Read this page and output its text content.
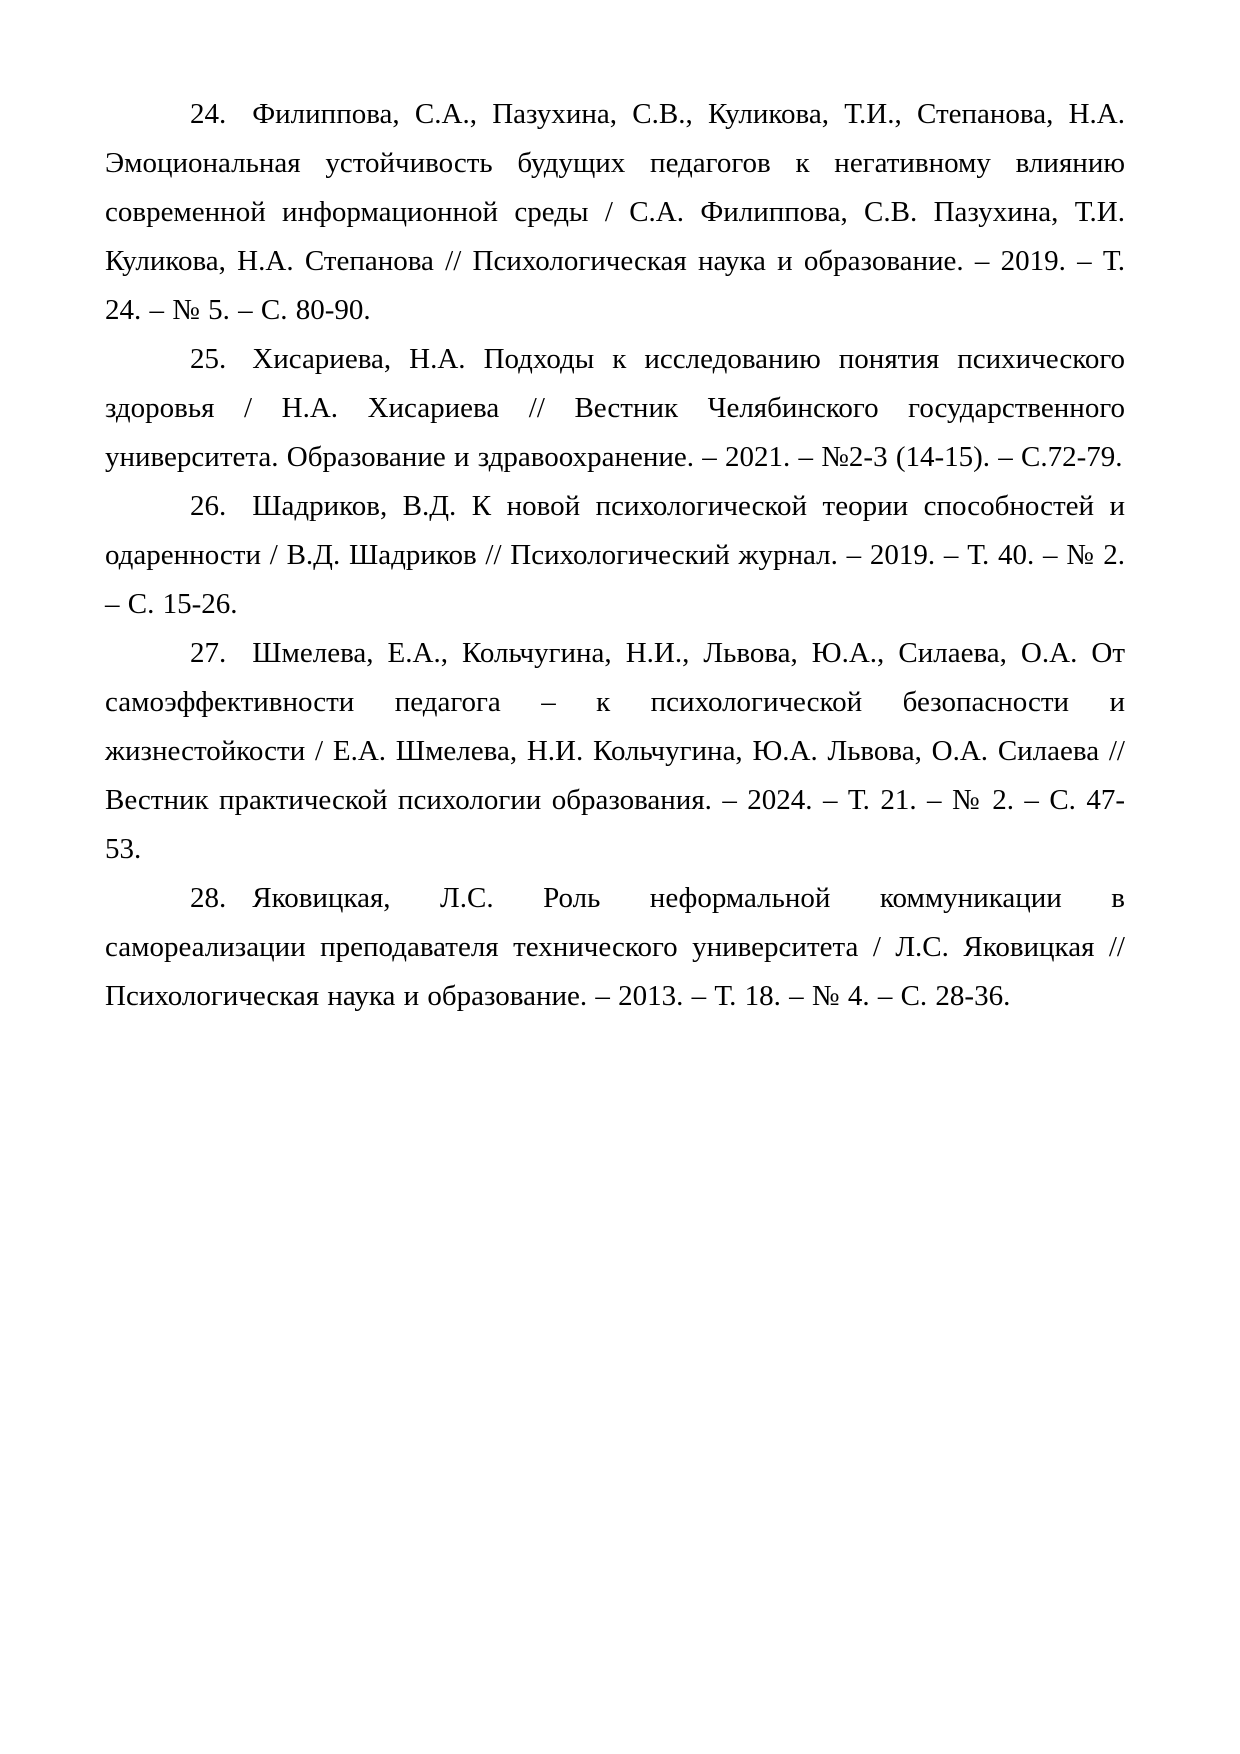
24. Филиппова, С.А., Пазухина, С.В., Куликова, Т.И., Степанова, Н.А. Эмоциональная устойчивость будущих педагогов к негативному влиянию современной информационной среды / С.А. Филиппова, С.В. Пазухина, Т.И. Куликова, Н.А. Степанова // Психологическая наука и образование. – 2019. – Т. 24. – № 5. – С. 80-90.

25. Хисариева, Н.А. Подходы к исследованию понятия психического здоровья / Н.А. Хисариева // Вестник Челябинского государственного университета. Образование и здравоохранение. – 2021. – №2-3 (14-15). – С.72-79.

26. Шадриков, В.Д. К новой психологической теории способностей и одаренности / В.Д. Шадриков // Психологический журнал. – 2019. – Т. 40. – № 2. – С. 15-26.

27. Шмелева, Е.А., Кольчугина, Н.И., Львова, Ю.А., Силаева, О.А. От самоэффективности педагога – к психологической безопасности и жизнестойкости / Е.А. Шмелева, Н.И. Кольчугина, Ю.А. Львова, О.А. Силаева // Вестник практической психологии образования. – 2024. – Т. 21. – № 2. – С. 47-53.

28. Яковицкая, Л.С. Роль неформальной коммуникации в самореализации преподавателя технического университета / Л.С. Яковицкая // Психологическая наука и образование. – 2013. – Т. 18. – № 4. – С. 28-36.
